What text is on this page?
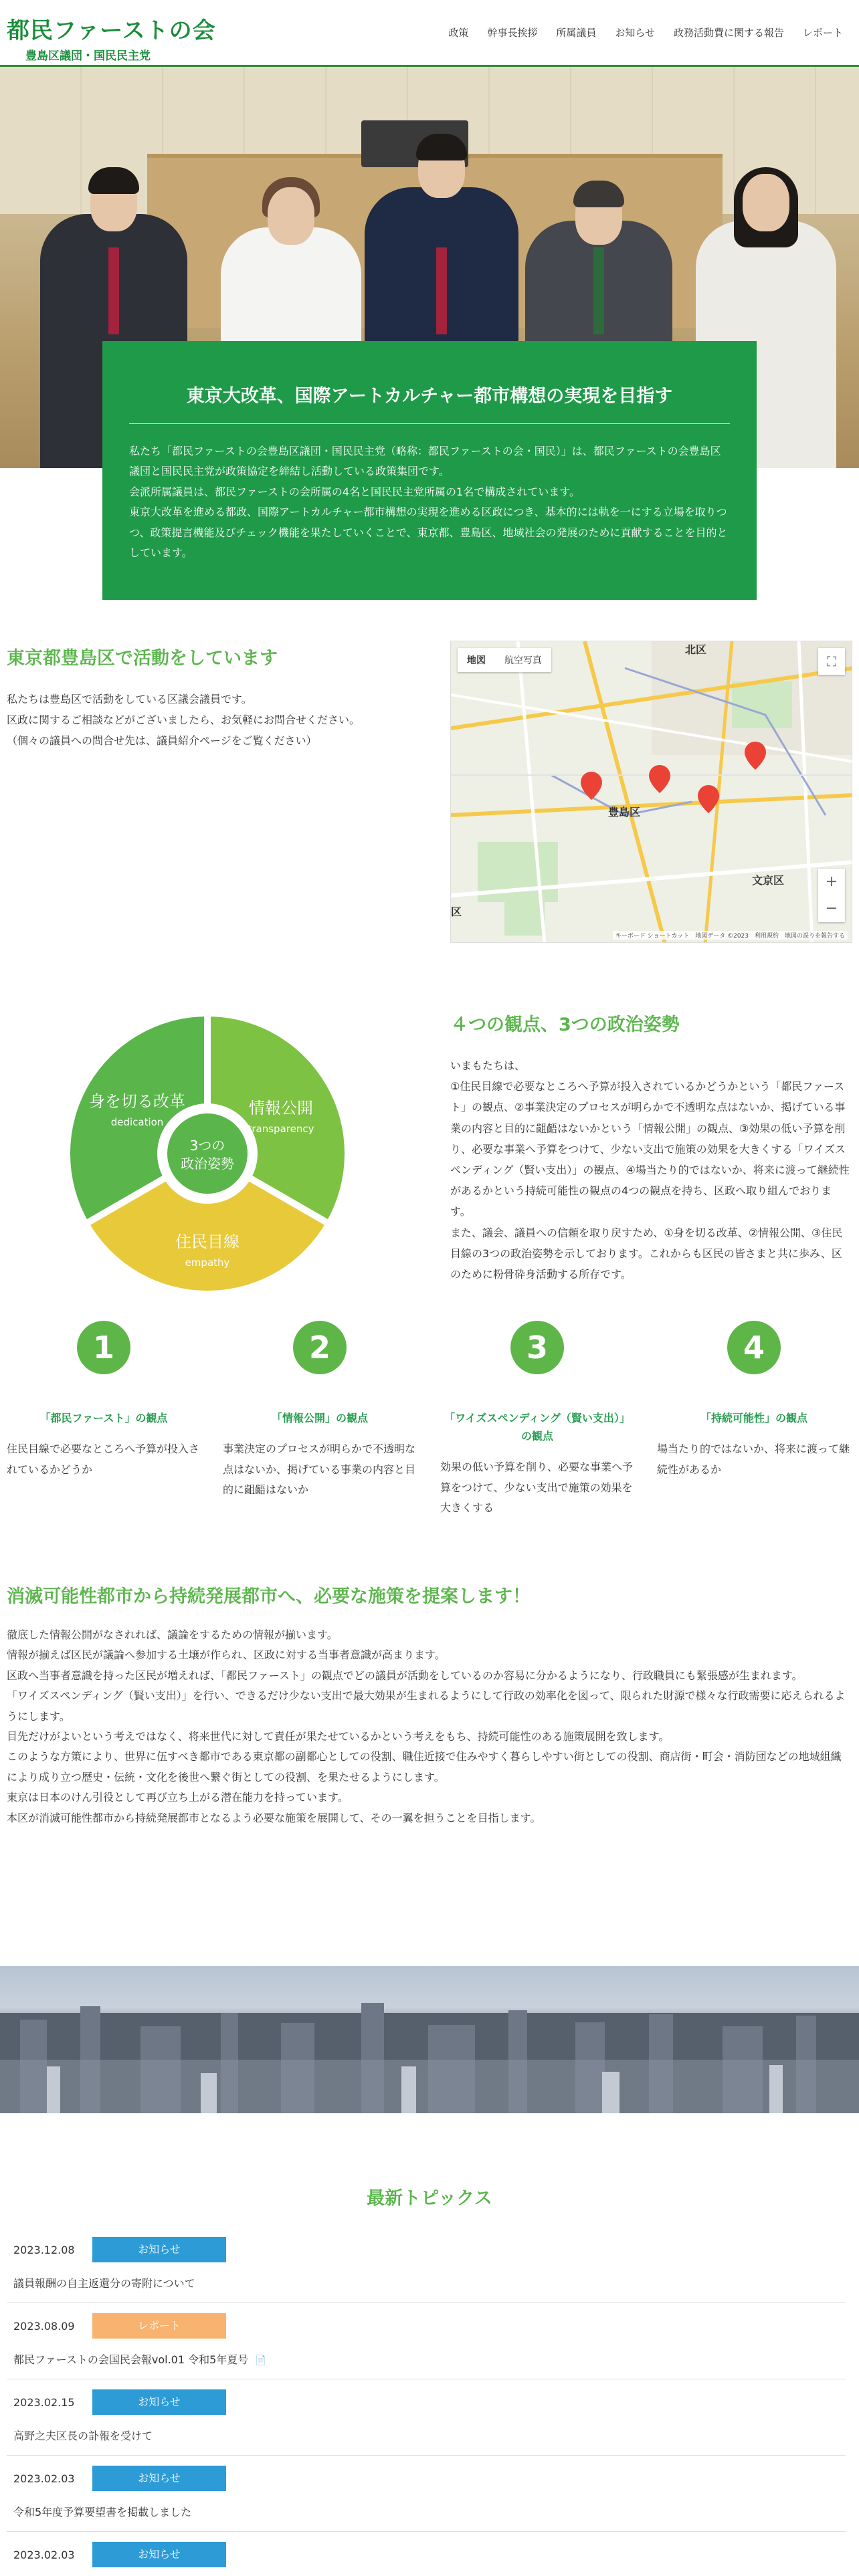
都民ファーストの会
豊島区議団・国民民主党
政策	幹事長挨拶	所属議員	お知らせ	政務活動費に関する報告	レポート
東京大改革、国際アートカルチャー都市構想の実現を目指す

私たち「都民ファーストの会豊島区議団・国民民主党（略称：都民ファーストの会・国民）」は、都民ファーストの会豊島区議団と国民民主党が政策協定を締結し活動している政策集団です。
会派所属議員は、都民ファーストの会所属の4名と国民民主党所属の1名で構成されています。
東京大改革を進める都政、国際アートカルチャー都市構想の実現を進める区政につき、基本的には軌を一にする立場を取りつつ、政策提言機能及びチェック機能を果たしていくことで、東京都、豊島区、地域社会の発展のために貢献することを目的としています。

東京都豊島区で活動をしています

私たちは豊島区で活動をしている区議会議員です。
区政に関するご相談などがございましたら、お気軽にお問合せください。
（個々の議員への問合せ先は、議員紹介ページをご覧ください）

地図	航空写真	⛶
北区
豊島区
文京区
区
+
−
キーボード ショートカット　地図データ ©2023　利用規約　地図の誤りを報告する
3つの
政治姿勢
身を切る改革
dedication
情報公開
transparency
住民目線
empathy
４つの観点、3つの政治姿勢

いまもたちは、
①住民目線で必要なところへ予算が投入されているかどうかという「都民ファースト」の観点、②事業決定のプロセスが明らかで不透明な点はないか、掲げている事業の内容と目的に齟齬はないかという「情報公開」の観点、③効果の低い予算を削り、必要な事業へ予算をつけて、少ない支出で施策の効果を大きくする「ワイズスペンディング（賢い支出）」の観点、④場当たり的ではないか、将来に渡って継続性があるかという持続可能性の観点の4つの観点を持ち、区政へ取り組んでおります。
また、議会、議員への信頼を取り戻すため、①身を切る改革、②情報公開、③住民目線の3つの政治姿勢を示しております。これからも区民の皆さまと共に歩み、区のために粉骨砕身活動する所存です。

1
「都民ファースト」の観点
住民目線で必要なところへ予算が投入されているかどうか
2
「情報公開」の観点
事業決定のプロセスが明らかで不透明な点はないか、掲げている事業の内容と目的に齟齬はないか
3
「ワイズスペンディング（賢い支出）」の観点
効果の低い予算を削り、必要な事業へ予算をつけて、少ない支出で施策の効果を大きくする
4
「持続可能性」の観点
場当たり的ではないか、将来に渡って継続性があるか
消滅可能性都市から持続発展都市へ、必要な施策を提案します！

徹底した情報公開がなされれば、議論をするための情報が揃います。
情報が揃えば区民が議論へ参加する土壌が作られ、区政に対する当事者意識が高まります。
区政へ当事者意識を持った区民が増えれば、「都民ファースト」の観点でどの議員が活動をしているのか容易に分かるようになり、行政職員にも緊張感が生まれます。
「ワイズスペンディング（賢い支出）」を行い、できるだけ少ない支出で最大効果が生まれるようにして行政の効率化を図って、限られた財源で様々な行政需要に応えられるようにします。
目先だけがよいという考えではなく、将来世代に対して責任が果たせているかという考えをもち、持続可能性のある施策展開を致します。
このような方策により、世界に伍すべき都市である東京都の副都心としての役割、職住近接で住みやすく暮らしやすい街としての役割、商店街・町会・消防団などの地域組織により成り立つ歴史・伝統・文化を後世へ繋ぐ街としての役割、を果たせるようにします。
東京は日本のけん引役として再び立ち上がる潜在能力を持っています。
本区が消滅可能性都市から持続発展都市となるよう必要な施策を展開して、その一翼を担うことを目指します。

最新トピックス
2023.12.08	お知らせ
議員報酬の自主返還分の寄附について
2023.08.09	レポート
都民ファーストの会国民会報vol.01 令和5年夏号 📄
2023.02.15	お知らせ
高野之夫区長の訃報を受けて
2023.02.03	お知らせ
令和5年度予算要望書を掲載しました
2023.02.03	お知らせ
